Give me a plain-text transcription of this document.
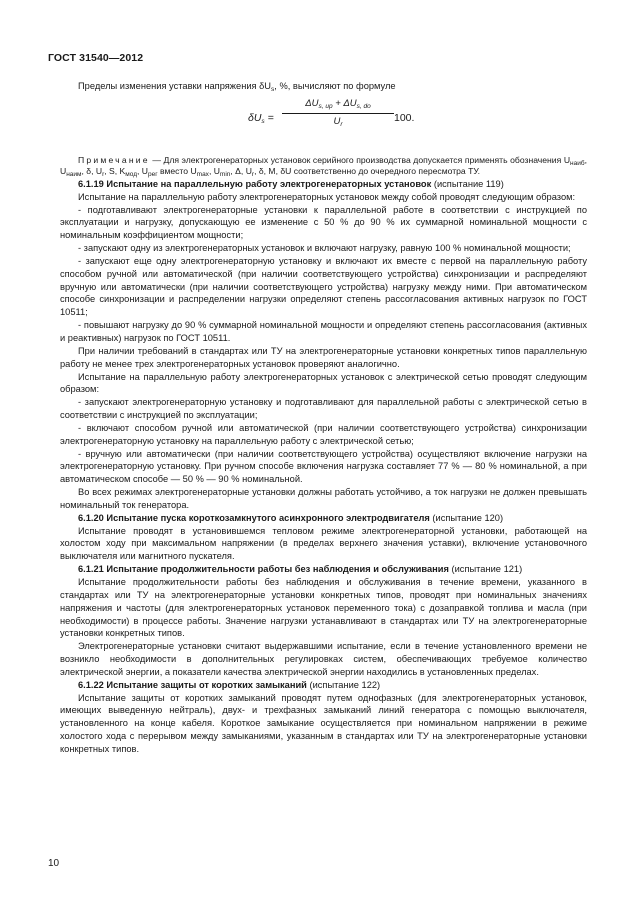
ГОСТ 31540—2012

Пределы изменения уставки напряжения $\delta U_s$, %, вычисляют по формуле

$\delta U_s$ =
$\Delta U_{s, up} + \Delta U_{s, do}$
$U_r$
100.

Примечание — Для электрогенераторных установок серийного производства допускается применять обозначения $U_{наиб}$, $U_{наим}$, δ, $U_r$, S, $K_{мод}$, $U_{рег}$ вместо $U_{max}$, $U_{min}$, Δ, $U_r$, δ, M, δU соответственно до очередного пересмотра ТУ.

6.1.19 Испытание на параллельную работу электрогенераторных установок (испытание 119)

Испытание на параллельную работу электрогенераторных установок между собой проводят следующим образом:

- подготавливают электрогенераторные установки к параллельной работе в соответствии с инструкцией по эксплуатации и нагрузку, допускающую ее изменение с 50 % до 90 % их суммарной номинальной мощности с номинальным коэффициентом мощности;

- запускают одну из электрогенераторных установок и включают нагрузку, равную 100 % номинальной мощности;

- запускают еще одну электрогенераторную установку и включают их вместе с первой на параллельную работу способом ручной или автоматической (при наличии соответствующего устройства) синхронизации и распределяют вручную или автоматически (при наличии соответствующего устройства) нагрузку между ними. При автоматическом способе синхронизации и распределении нагрузки определяют степень рассогласования активных нагрузок по ГОСТ 10511;

- повышают нагрузку до 90 % суммарной номинальной мощности и определяют степень рассогласования (активных и реактивных) нагрузок по ГОСТ 10511.

При наличии требований в стандартах или ТУ на электрогенераторные установки конкретных типов параллельную работу не менее трех электрогенераторных установок проверяют аналогично.

Испытание на параллельную работу электрогенераторных установок с электрической сетью проводят следующим образом:

- запускают электрогенераторную установку и подготавливают для параллельной работы с электрической сетью в соответствии с инструкцией по эксплуатации;

- включают способом ручной или автоматической (при наличии соответствующего устройства) синхронизации электрогенераторную установку на параллельную работу с электрической сетью;

- вручную или автоматически (при наличии соответствующего устройства) осуществляют включение нагрузки на электрогенераторную установку. При ручном способе включения нагрузка составляет 77 % — 80 % номинальной, а при автоматическом способе — 50 % — 90 % номинальной.

Во всех режимах электрогенераторные установки должны работать устойчиво, а ток нагрузки не должен превышать номинальный ток генератора.

6.1.20 Испытание пуска короткозамкнутого асинхронного электродвигателя (испытание 120)

Испытание проводят в установившемся тепловом режиме электрогенераторной установки, работающей на холостом ходу при максимальном напряжении (в пределах верхнего значения уставки), включение установочного выключателя или магнитного пускателя.

6.1.21 Испытание продолжительности работы без наблюдения и обслуживания (испытание 121)

Испытание продолжительности работы без наблюдения и обслуживания в течение времени, указанного в стандартах или ТУ на электрогенераторные установки конкретных типов, проводят при номинальных значениях напряжения и частоты (для электрогенераторных установок переменного тока) с дозаправкой топлива и масла (при необходимости) в процессе работы. Значение нагрузки устанавливают в стандартах или ТУ на электрогенераторные установки конкретных типов.

Электрогенераторные установки считают выдержавшими испытание, если в течение установленного времени не возникло необходимости в дополнительных регулировках систем, обеспечивающих требуемое количество электрической энергии, а показатели качества электрической энергии находились в установленных пределах.

6.1.22 Испытание защиты от коротких замыканий (испытание 122)

Испытание защиты от коротких замыканий проводят путем однофазных (для электрогенераторных установок, имеющих выведенную нейтраль), двух- и трехфазных замыканий линий генератора с помощью выключателя, установленного на конце кабеля. Короткое замыкание осуществляется при номинальном напряжении в режиме холостого хода с перерывом между замыканиями, указанным в стандартах или ТУ на электрогенераторные установки конкретных типов.

10
